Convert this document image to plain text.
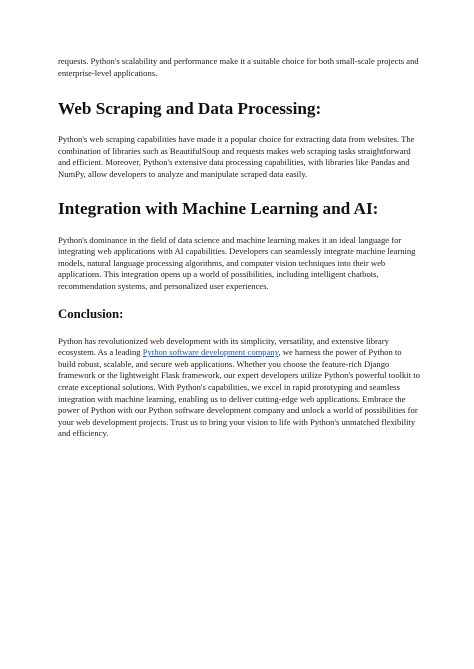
requests. Python's scalability and performance make it a suitable choice for both small-scale projects and enterprise-level applications.

Web Scraping and Data Processing:

Python's web scraping capabilities have made it a popular choice for extracting data from websites. The combination of libraries such as BeautifulSoup and requests makes web scraping tasks straightforward and efficient. Moreover, Python's extensive data processing capabilities, with libraries like Pandas and NumPy, allow developers to analyze and manipulate scraped data easily.

Integration with Machine Learning and AI:

Python's dominance in the field of data science and machine learning makes it an ideal language for integrating web applications with AI capabilities. Developers can seamlessly integrate machine learning models, natural language processing algorithms, and computer vision techniques into their web applications. This integration opens up a world of possibilities, including intelligent chatbots, recommendation systems, and personalized user experiences.

Conclusion:

Python has revolutionized web development with its simplicity, versatility, and extensive library ecosystem. As a leading Python software development company, we harness the power of Python to build robust, scalable, and secure web applications. Whether you choose the feature-rich Django framework or the lightweight Flask framework, our expert developers utilize Python's powerful toolkit to create exceptional solutions. With Python's capabilities, we excel in rapid prototyping and seamless integration with machine learning, enabling us to deliver cutting-edge web applications. Embrace the power of Python with our Python software development company and unlock a world of possibilities for your web development projects. Trust us to bring your vision to life with Python's unmatched flexibility and efficiency.
